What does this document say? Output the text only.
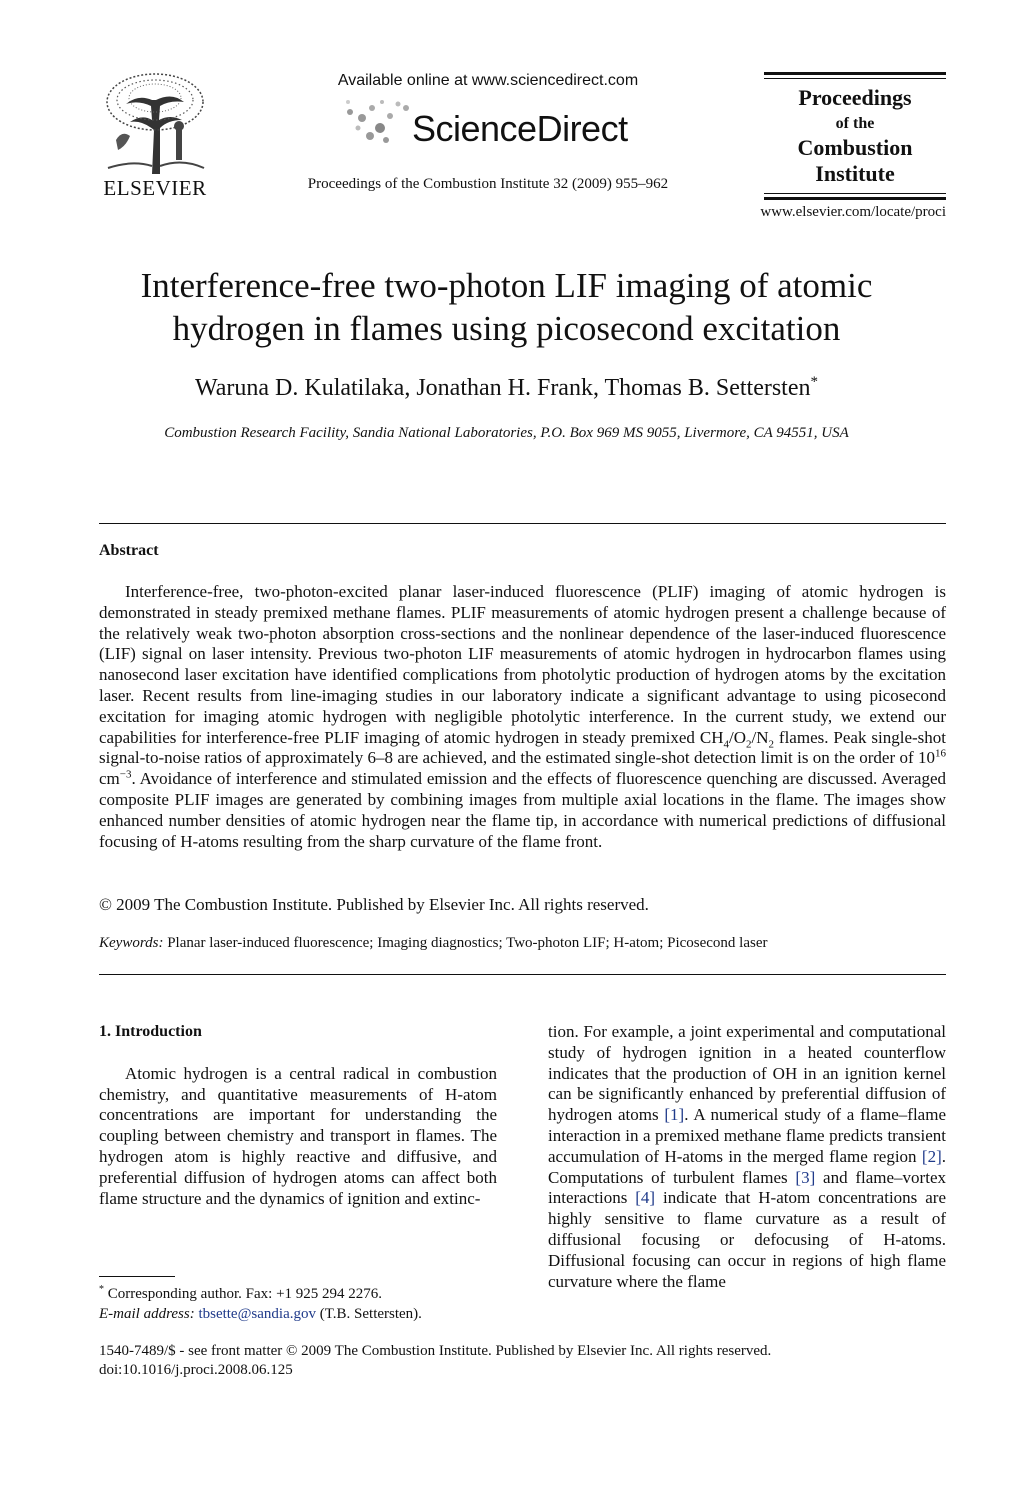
ELSEVIER
Available online at www.sciencedirect.com
ScienceDirect
Proceedings of the Combustion Institute 32 (2009) 955–962
Proceedings
of the
Combustion
Institute
www.elsevier.com/locate/proci
Interference-free two-photon LIF imaging of atomic
hydrogen in flames using picosecond excitation
Waruna D. Kulatilaka, Jonathan H. Frank, Thomas B. Settersten*
Combustion Research Facility, Sandia National Laboratories, P.O. Box 969 MS 9055, Livermore, CA 94551, USA
Abstract
Interference-free, two-photon-excited planar laser-induced fluorescence (PLIF) imaging of atomic hydrogen is demonstrated in steady premixed methane flames. PLIF measurements of atomic hydrogen present a challenge because of the relatively weak two-photon absorption cross-sections and the nonlinear dependence of the laser-induced fluorescence (LIF) signal on laser intensity. Previous two-photon LIF measurements of atomic hydrogen in hydrocarbon flames using nanosecond laser excitation have identified complications from photolytic production of hydrogen atoms by the excitation laser. Recent results from line-imaging studies in our laboratory indicate a significant advantage to using picosecond excitation for imaging atomic hydrogen with negligible photolytic interference. In the current study, we extend our capabilities for interference-free PLIF imaging of atomic hydrogen in steady premixed $CH_4/O_2/N_2$ flames. Peak single-shot signal-to-noise ratios of approximately 6–8 are achieved, and the estimated single-shot detection limit is on the order of $10^{16}$ $cm^{-3}$. Avoidance of interference and stimulated emission and the effects of fluorescence quenching are discussed. Averaged composite PLIF images are generated by combining images from multiple axial locations in the flame. The images show enhanced number densities of atomic hydrogen near the flame tip, in accordance with numerical predictions of diffusional focusing of H-atoms resulting from the sharp curvature of the flame front.
© 2009 The Combustion Institute. Published by Elsevier Inc. All rights reserved.
Keywords: Planar laser-induced fluorescence; Imaging diagnostics; Two-photon LIF; H-atom; Picosecond laser
1. Introduction
Atomic hydrogen is a central radical in combustion chemistry, and quantitative measurements of H-atom concentrations are important for understanding the coupling between chemistry and transport in flames. The hydrogen atom is highly reactive and diffusive, and preferential diffusion of hydrogen atoms can affect both flame structure and the dynamics of ignition and extinc-
tion. For example, a joint experimental and computational study of hydrogen ignition in a heated counterflow indicates that the production of OH in an ignition kernel can be significantly enhanced by preferential diffusion of hydrogen atoms [1]. A numerical study of a flame–flame interaction in a premixed methane flame predicts transient accumulation of H-atoms in the merged flame region [2]. Computations of turbulent flames [3] and flame–vortex interactions [4] indicate that H-atom concentrations are highly sensitive to flame curvature as a result of diffusional focusing or defocusing of H-atoms. Diffusional focusing can occur in regions of high flame curvature where the flame
* Corresponding author. Fax: +1 925 294 2276.
E-mail address: tbsette@sandia.gov (T.B. Settersten).
1540-7489/$ - see front matter © 2009 The Combustion Institute. Published by Elsevier Inc. All rights reserved.
doi:10.1016/j.proci.2008.06.125
